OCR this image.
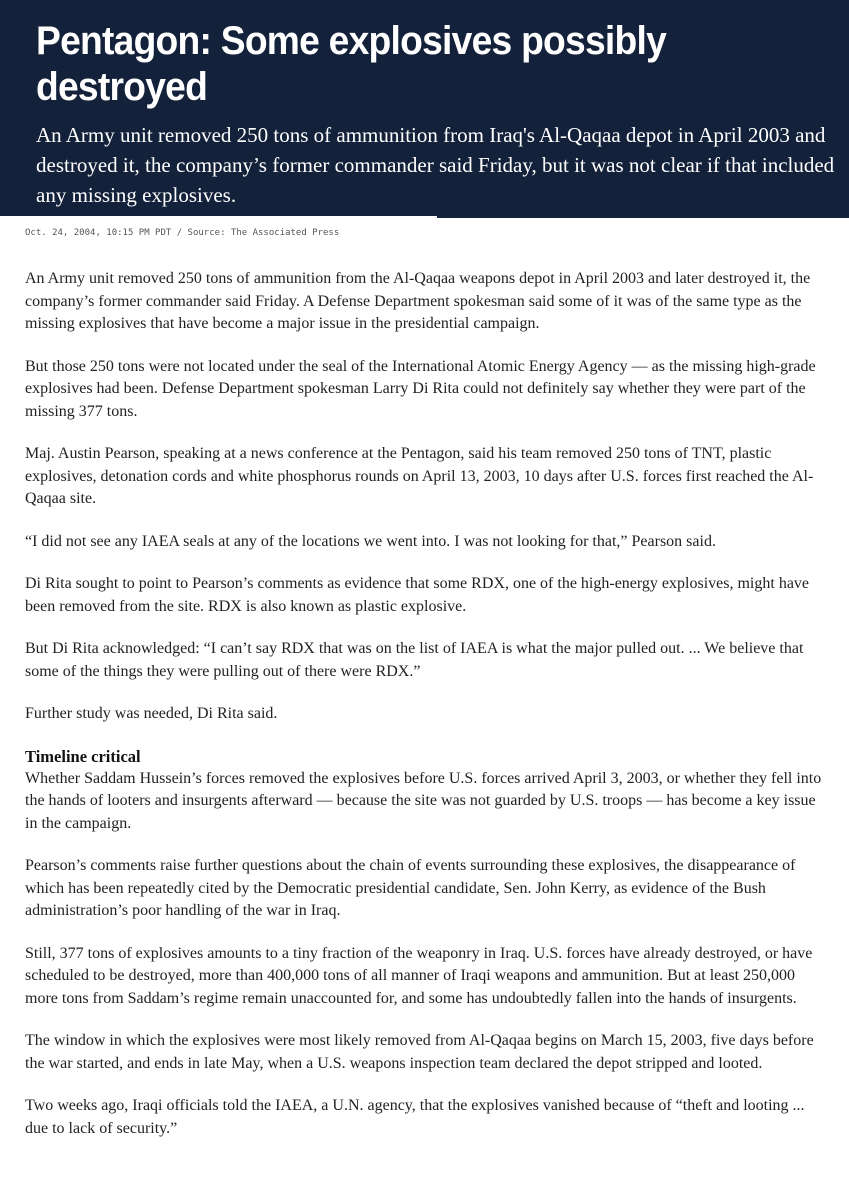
Pentagon: Some explosives possibly destroyed

An Army unit removed 250 tons of ammunition from Iraq's Al-Qaqaa depot in April 2003 and destroyed it, the company’s former commander said Friday, but it was not clear if that included any missing explosives.

Oct. 24, 2004, 10:15 PM PDT / Source: The Associated Press

An Army unit removed 250 tons of ammunition from the Al-Qaqaa weapons depot in April 2003 and later destroyed it, the company’s former commander said Friday. A Defense Department spokesman said some of it was of the same type as the missing explosives that have become a major issue in the presidential campaign.

But those 250 tons were not located under the seal of the International Atomic Energy Agency — as the missing high-grade explosives had been. Defense Department spokesman Larry Di Rita could not definitely say whether they were part of the missing 377 tons.

Maj. Austin Pearson, speaking at a news conference at the Pentagon, said his team removed 250 tons of TNT, plastic explosives, detonation cords and white phosphorus rounds on April 13, 2003, 10 days after U.S. forces first reached the Al-Qaqaa site.

“I did not see any IAEA seals at any of the locations we went into. I was not looking for that,” Pearson said.

Di Rita sought to point to Pearson’s comments as evidence that some RDX, one of the high-energy explosives, might have been removed from the site. RDX is also known as plastic explosive.

But Di Rita acknowledged: “I can’t say RDX that was on the list of IAEA is what the major pulled out. ... We believe that some of the things they were pulling out of there were RDX.”

Further study was needed, Di Rita said.

Timeline critical

Whether Saddam Hussein’s forces removed the explosives before U.S. forces arrived April 3, 2003, or whether they fell into the hands of looters and insurgents afterward — because the site was not guarded by U.S. troops — has become a key issue in the campaign.

Pearson’s comments raise further questions about the chain of events surrounding these explosives, the disappearance of which has been repeatedly cited by the Democratic presidential candidate, Sen. John Kerry, as evidence of the Bush administration’s poor handling of the war in Iraq.

Still, 377 tons of explosives amounts to a tiny fraction of the weaponry in Iraq. U.S. forces have already destroyed, or have scheduled to be destroyed, more than 400,000 tons of all manner of Iraqi weapons and ammunition. But at least 250,000 more tons from Saddam’s regime remain unaccounted for, and some has undoubtedly fallen into the hands of insurgents.

The window in which the explosives were most likely removed from Al-Qaqaa begins on March 15, 2003, five days before the war started, and ends in late May, when a U.S. weapons inspection team declared the depot stripped and looted.

Two weeks ago, Iraqi officials told the IAEA, a U.N. agency, that the explosives vanished because of “theft and looting ... due to lack of security.”
